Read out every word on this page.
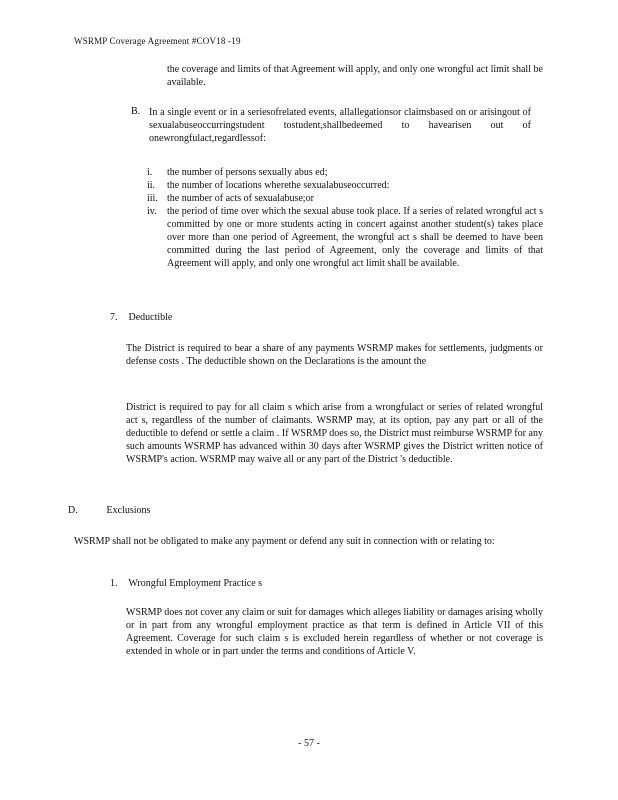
WSRMP Coverage Agreement #COV18 -19
the coverage and limits of that Agreement will apply, and only one wrongful act limit shall be available.
B. In a single event or in a seriesofrelated events, allallegationsor claimsbased on or arisingout of sexualabuseoccurringstudent tostudent,shallbedeemed to havearisen out of onewrongfulact,regardlessof:
i. the number of persons sexually abus ed;
ii. the number of locations wherethe sexualabuseoccurred:
iii. the number of acts of sexualabuse;or
iv. the period of time over which the sexual abuse took place. If a series of related wrongful act s committed by one or more students acting in concert against another student(s) takes place over more than one period of Agreement, the wrongful act s shall be deemed to have been committed during the last period of Agreement, only the coverage and limits of that Agreement will apply, and only one wrongful act limit shall be available.
7. Deductible
The District is required to bear a share of any payments WSRMP makes for settlements, judgments or defense costs . The deductible shown on the Declarations is the amount the
District is required to pay for all claim s which arise from a wrongfulact or series of related wrongful act s, regardless of the number of claimants. WSRMP may, at its option, pay any part or all of the deductible to defend or settle a claim . If WSRMP does so, the District must reimburse WSRMP for any such amounts WSRMP has advanced within 30 days after WSRMP gives the District written notice of WSRMP's action. WSRMP may waive all or any part of the District 's deductible.
D.	Exclusions
WSRMP shall not be obligated to make any payment or defend any suit in connection with or relating to:
1. Wrongful Employment Practice s
WSRMP does not cover any claim or suit for damages which alleges liability or damages arising wholly or in part from any wrongful employment practice as that term is defined in Article VII of this Agreement. Coverage for such claim s is excluded herein regardless of whether or not coverage is extended in whole or in part under the terms and conditions of Article V.
- 57 -
